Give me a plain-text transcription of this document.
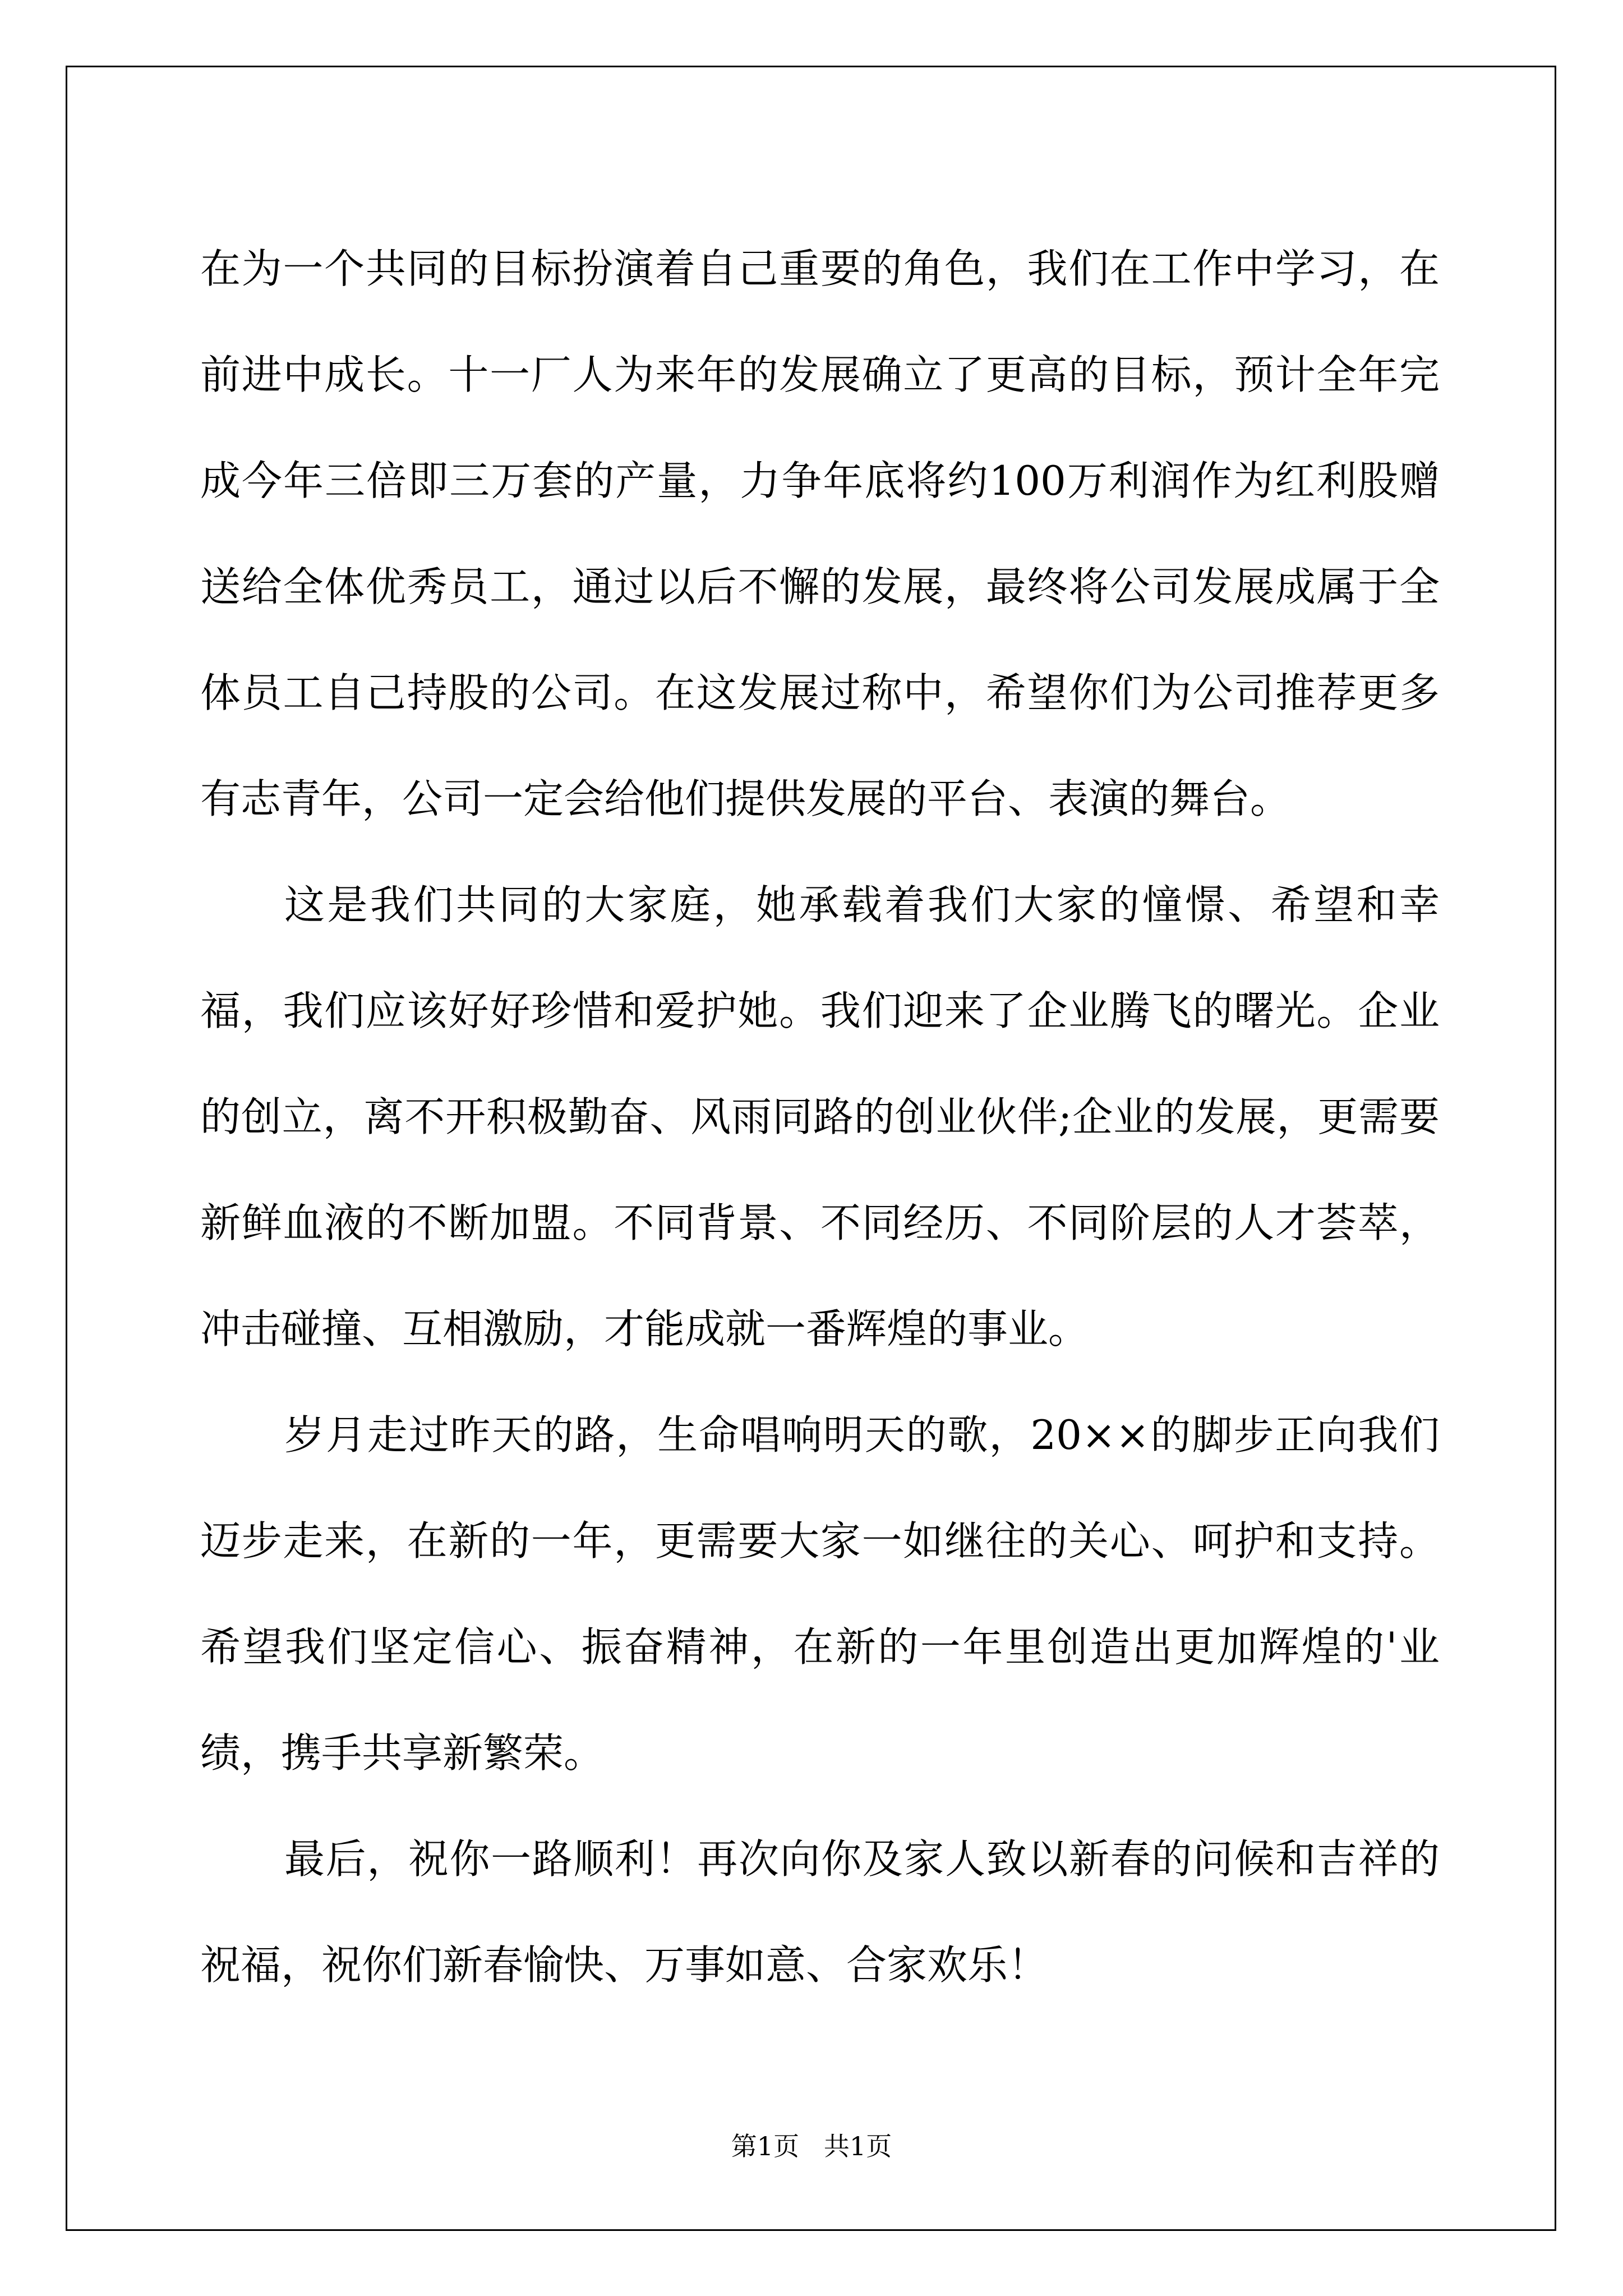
在为一个共同的目标扮演着自己重要的角色，我们在工作中学习，在前进中成长。十一厂人为来年的发展确立了更高的目标，预计全年完成今年三倍即三万套的产量，力争年底将约100万利润作为红利股赠送给全体优秀员工，通过以后不懈的发展，最终将公司发展成属于全体员工自己持股的公司。在这发展过称中，希望你们为公司推荐更多有志青年，公司一定会给他们提供发展的平台、表演的舞台。

这是我们共同的大家庭，她承载着我们大家的憧憬、希望和幸福，我们应该好好珍惜和爱护她。我们迎来了企业腾飞的曙光。企业的创立，离不开积极勤奋、风雨同路的创业伙伴;企业的发展，更需要新鲜血液的不断加盟。不同背景、不同经历、不同阶层的人才荟萃，冲击碰撞、互相激励，才能成就一番辉煌的事业。

岁月走过昨天的路，生命唱响明天的歌，20××的脚步正向我们迈步走来，在新的一年，更需要大家一如继往的关心、呵护和支持。希望我们坚定信心、振奋精神，在新的一年里创造出更加辉煌的'业绩，携手共享新繁荣。

最后，祝你一路顺利！再次向你及家人致以新春的问候和吉祥的祝福，祝你们新春愉快、万事如意、合家欢乐！

第1页   共1页
